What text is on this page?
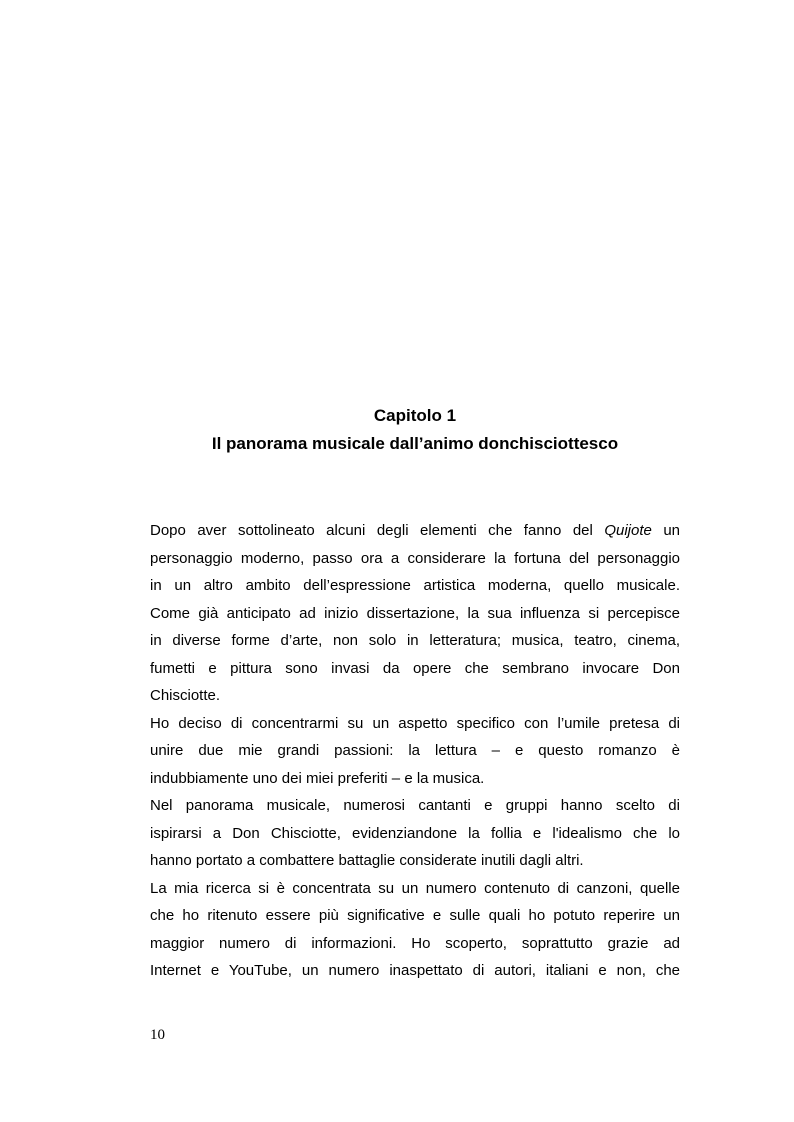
Capitolo 1
Il panorama musicale dall’animo donchisciottesco
Dopo aver sottolineato alcuni degli elementi che fanno del Quijote un
personaggio moderno, passo ora a considerare la fortuna del personaggio
in un altro ambito dell’espressione artistica moderna, quello musicale.
Come già anticipato ad inizio dissertazione, la sua influenza si percepisce
in diverse forme d’arte, non solo in letteratura; musica, teatro, cinema,
fumetti e pittura sono invasi da opere che sembrano invocare Don
Chisciotte.
Ho deciso di concentrarmi su un aspetto specifico con l’umile pretesa di
unire due mie grandi passioni: la lettura – e questo romanzo è
indubbiamente uno dei miei preferiti – e la musica.
Nel panorama musicale, numerosi cantanti e gruppi hanno scelto di
ispirarsi a Don Chisciotte, evidenziandone la follia e l'idealismo che lo
hanno portato a combattere battaglie considerate inutili dagli altri.
La mia ricerca si è concentrata su un numero contenuto di canzoni, quelle
che ho ritenuto essere più significative e sulle quali ho potuto reperire un
maggior numero di informazioni. Ho scoperto, soprattutto grazie ad
Internet e YouTube, un numero inaspettato di autori, italiani e non, che
10
